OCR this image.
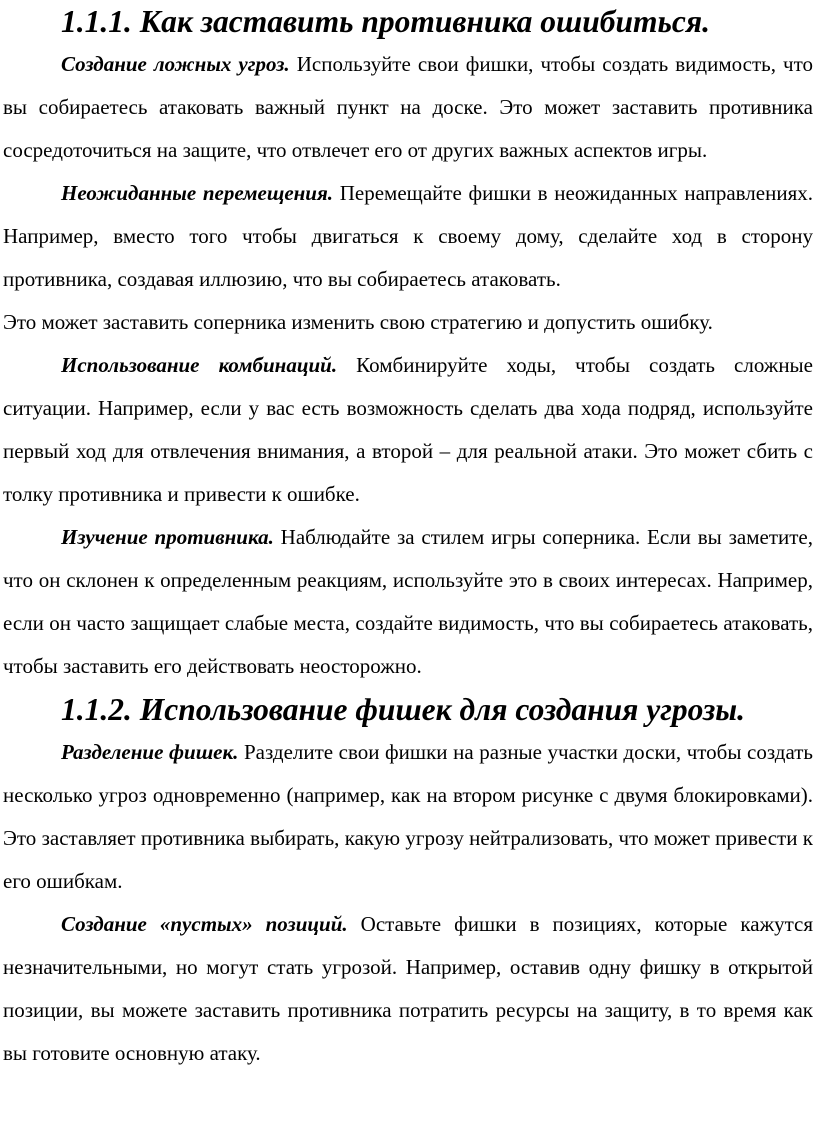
1.1.1. Как заставить противника ошибиться.

Создание ложных угроз. Используйте свои фишки, чтобы создать видимость, что вы собираетесь атаковать важный пункт на доске. Это может заставить противника сосредоточиться на защите, что отвлечет его от других важных аспектов игры.

Неожиданные перемещения. Перемещайте фишки в неожиданных направлениях. Например, вместо того чтобы двигаться к своему дому, сделайте ход в сторону противника, создавая иллюзию, что вы собираетесь атаковать.

Это может заставить соперника изменить свою стратегию и допустить ошибку.

Использование комбинаций. Комбинируйте ходы, чтобы создать сложные ситуации. Например, если у вас есть возможность сделать два хода подряд, используйте первый ход для отвлечения внимания, а второй – для реальной атаки. Это может сбить с толку противника и привести к ошибке.

Изучение противника. Наблюдайте за стилем игры соперника. Если вы заметите, что он склонен к определенным реакциям, используйте это в своих интересах. Например, если он часто защищает слабые места, создайте видимость, что вы собираетесь атаковать, чтобы заставить его действовать неосторожно.

1.1.2. Использование фишек для создания угрозы.

Разделение фишек. Разделите свои фишки на разные участки доски, чтобы создать несколько угроз одновременно (например, как на втором рисунке с двумя блокировками). Это заставляет противника выбирать, какую угрозу нейтрализовать, что может привести к его ошибкам.

Создание «пустых» позиций. Оставьте фишки в позициях, которые кажутся незначительными, но могут стать угрозой. Например, оставив одну фишку в открытой позиции, вы можете заставить противника потратить ресурсы на защиту, в то время как вы готовите основную атаку.
